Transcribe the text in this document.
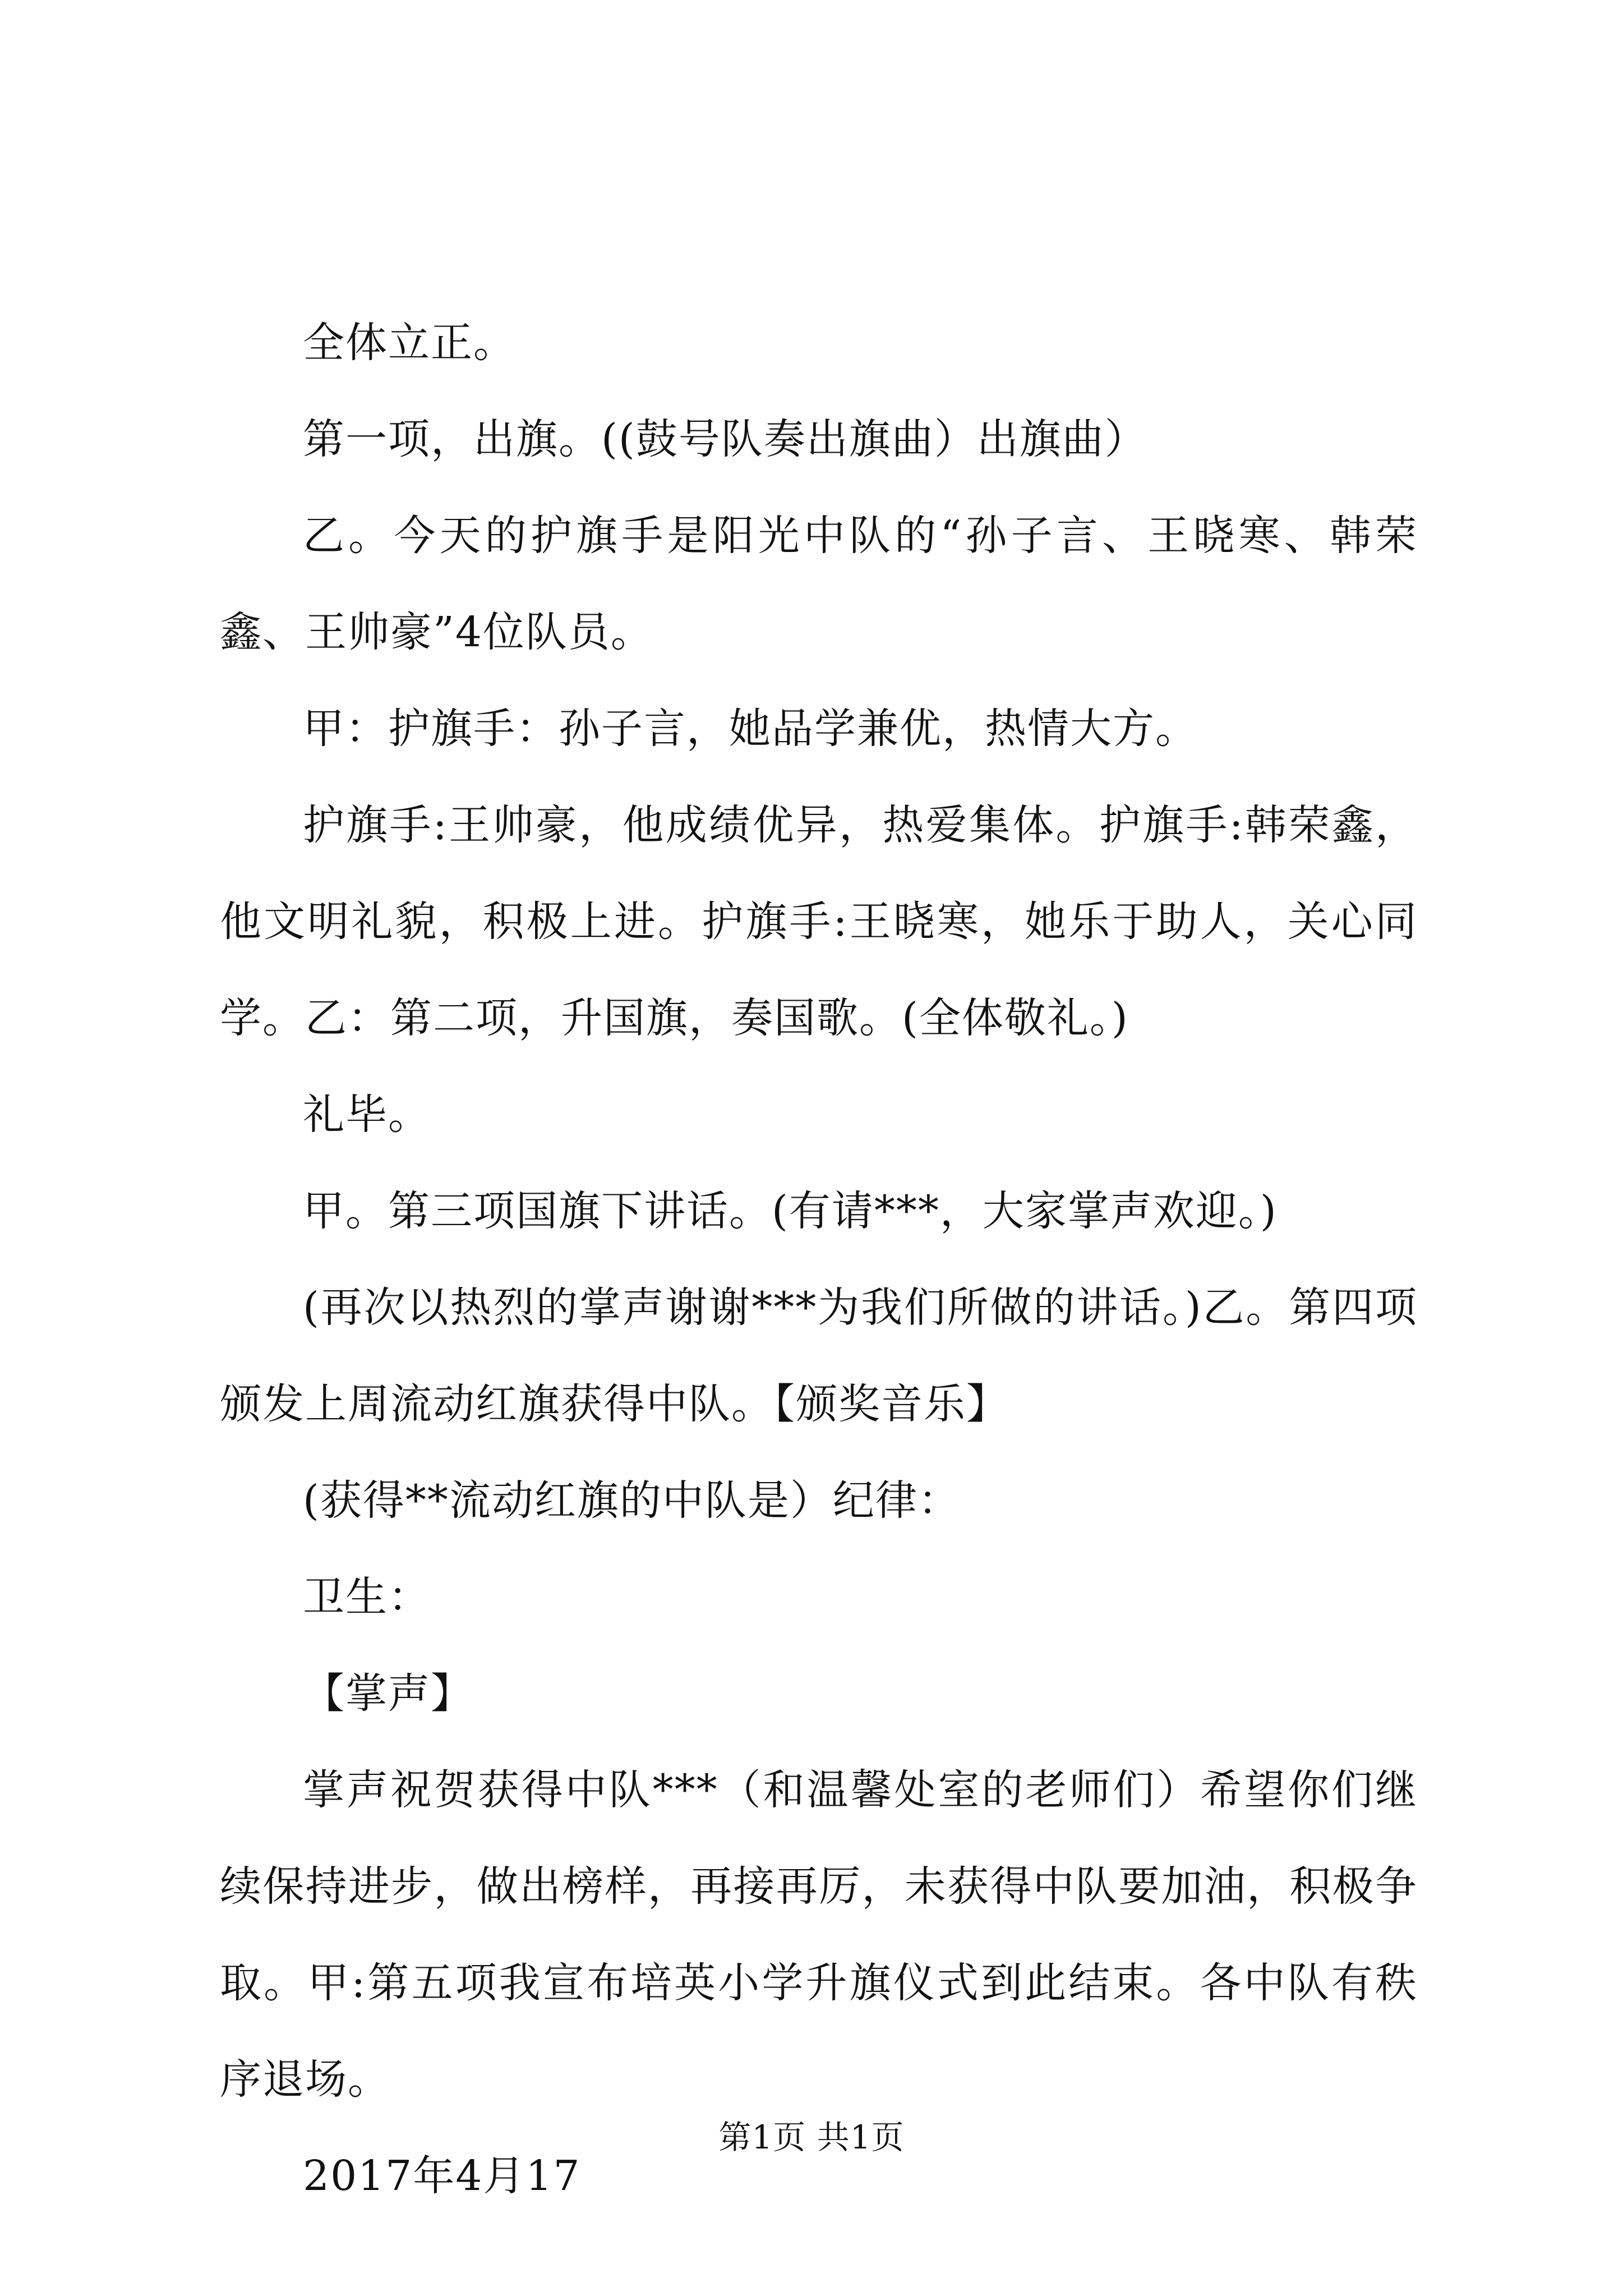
全体立正。

第一项，出旗。((鼓号队奏出旗曲）出旗曲）

乙。今天的护旗手是阳光中队的“孙子言、王晓寒、韩荣鑫、王帅豪”4位队员。

甲：护旗手：孙子言，她品学兼优，热情大方。

护旗手:王帅豪，他成绩优异，热爱集体。护旗手:韩荣鑫，他文明礼貌，积极上进。护旗手:王晓寒，她乐于助人，关心同学。乙：第二项，升国旗，奏国歌。(全体敬礼。)

礼毕。

甲。第三项国旗下讲话。(有请***，大家掌声欢迎。)

(再次以热烈的掌声谢谢***为我们所做的讲话。)乙。第四项颁发上周流动红旗获得中队。【颁奖音乐】

(获得**流动红旗的中队是）纪律：

卫生：

【掌声】

掌声祝贺获得中队***（和温馨处室的老师们）希望你们继续保持进步，做出榜样，再接再厉，未获得中队要加油，积极争取。甲:第五项我宣布培英小学升旗仪式到此结束。各中队有秩序退场。

2017年4月17

第1页 共1页
